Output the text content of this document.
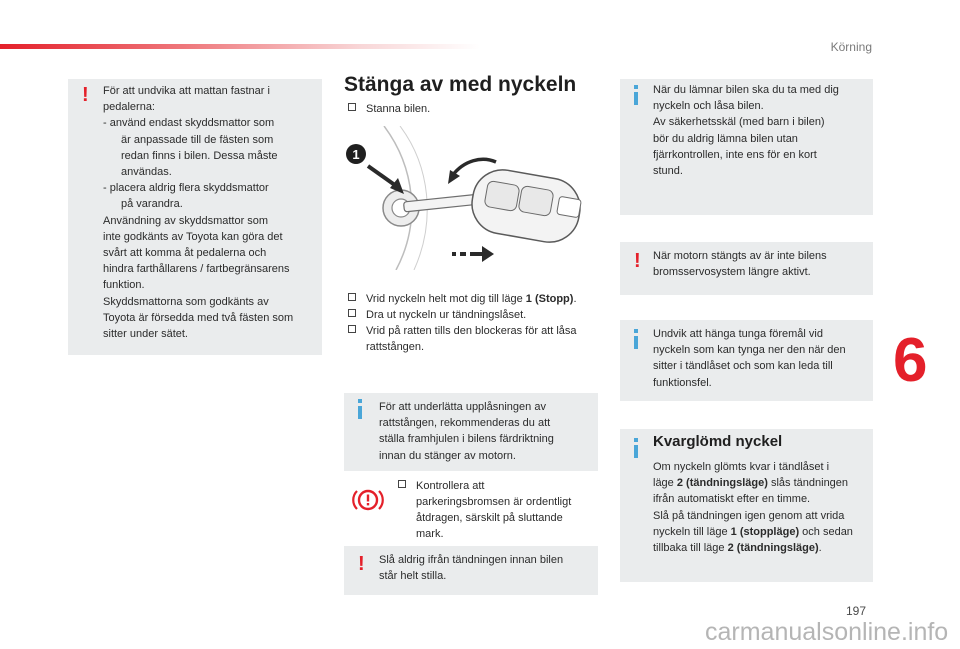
Körning
! För att undvika att mattan fastnar i
pedalerna:
- använd endast skyddsmattor som
är anpassade till de fästen som
redan finns i bilen. Dessa måste
användas.
- placera aldrig flera skyddsmattor
på varandra.
Användning av skyddsmattor som
inte godkänts av Toyota kan göra det
svårt att komma åt pedalerna och
hindra farthållarens / fartbegränsarens
funktion.
Skyddsmattorna som godkänts av
Toyota är försedda med två fästen som
sitter under sätet.
Stänga av med nyckeln
Stanna bilen.
1
Vrid nyckeln helt mot dig till läge 1 (Stopp).
Dra ut nyckeln ur tändningslåset.
Vrid på ratten tills den blockeras för att låsa
rattstången.
För att underlätta upplåsningen av
rattstången, rekommenderas du att
ställa framhjulen i bilens färdriktning
innan du stänger av motorn.
Kontrollera att
parkeringsbromsen är ordentligt
åtdragen, särskilt på sluttande
mark.
! Slå aldrig ifrån tändningen innan bilen
står helt stilla.
När du lämnar bilen ska du ta med dig
nyckeln och låsa bilen.
Av säkerhetsskäl (med barn i bilen)
bör du aldrig lämna bilen utan
fjärrkontrollen, inte ens för en kort
stund.
! När motorn stängts av är inte bilens
bromsservosystem längre aktivt.
Undvik att hänga tunga föremål vid
nyckeln som kan tynga ner den när den
sitter i tändlåset och som kan leda till
funktionsfel.
Kvarglömd nyckel
Om nyckeln glömts kvar i tändlåset i
läge 2 (tändningsläge) slås tändningen
ifrån automatiskt efter en timme.
Slå på tändningen igen genom att vrida
nyckeln till läge 1 (stoppläge) och sedan
tillbaka till läge 2 (tändningsläge).
6
197
carmanualsonline.info
